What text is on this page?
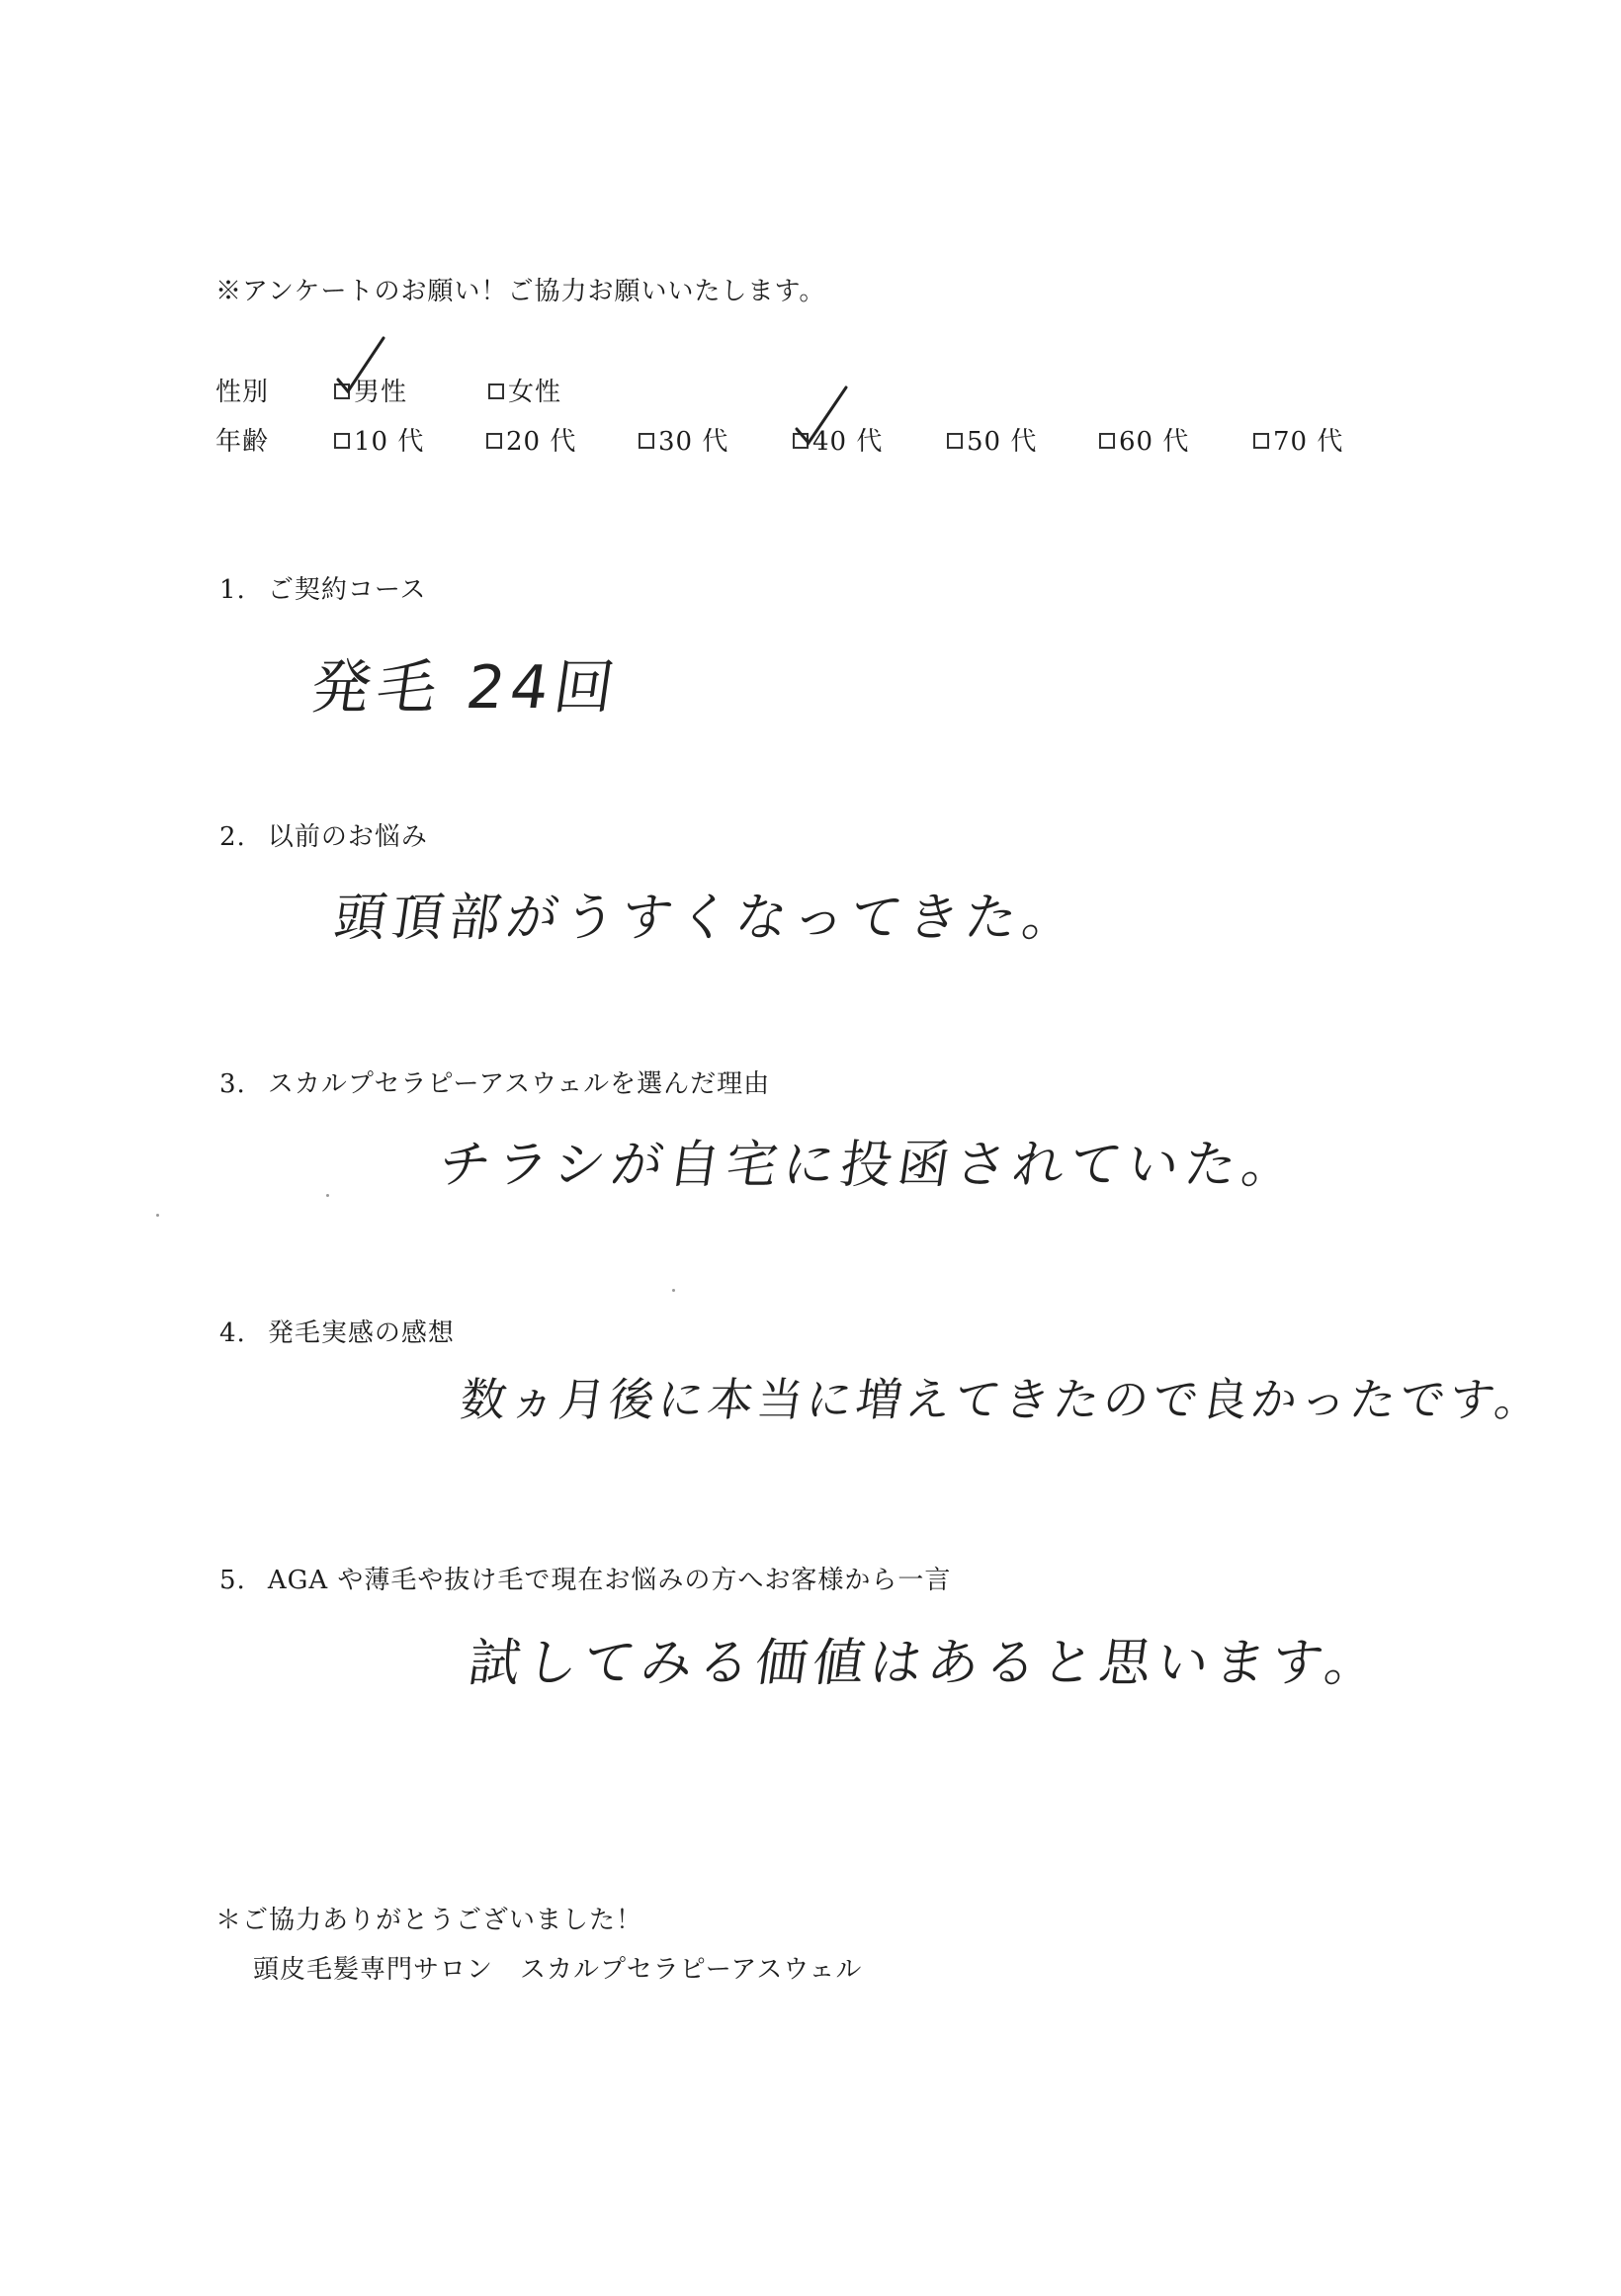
※アンケートのお願い！ご協力お願いいたします。
性別	男性	女性
年齢	10 代	20 代	30 代	40 代	50 代	60 代	70 代
1. ご契約コース
発毛 24回
2. 以前のお悩み
頭頂部がうすくなってきた。
3. スカルプセラピーアスウェルを選んだ理由
チラシが自宅に投函されていた。
4. 発毛実感の感想
数ヵ月後に本当に増えてきたので良かったです。
5. AGA や薄毛や抜け毛で現在お悩みの方へお客様から一言
試してみる価値はあると思います。
＊ご協力ありがとうございました！
頭皮毛髪専門サロン　スカルプセラピーアスウェル
